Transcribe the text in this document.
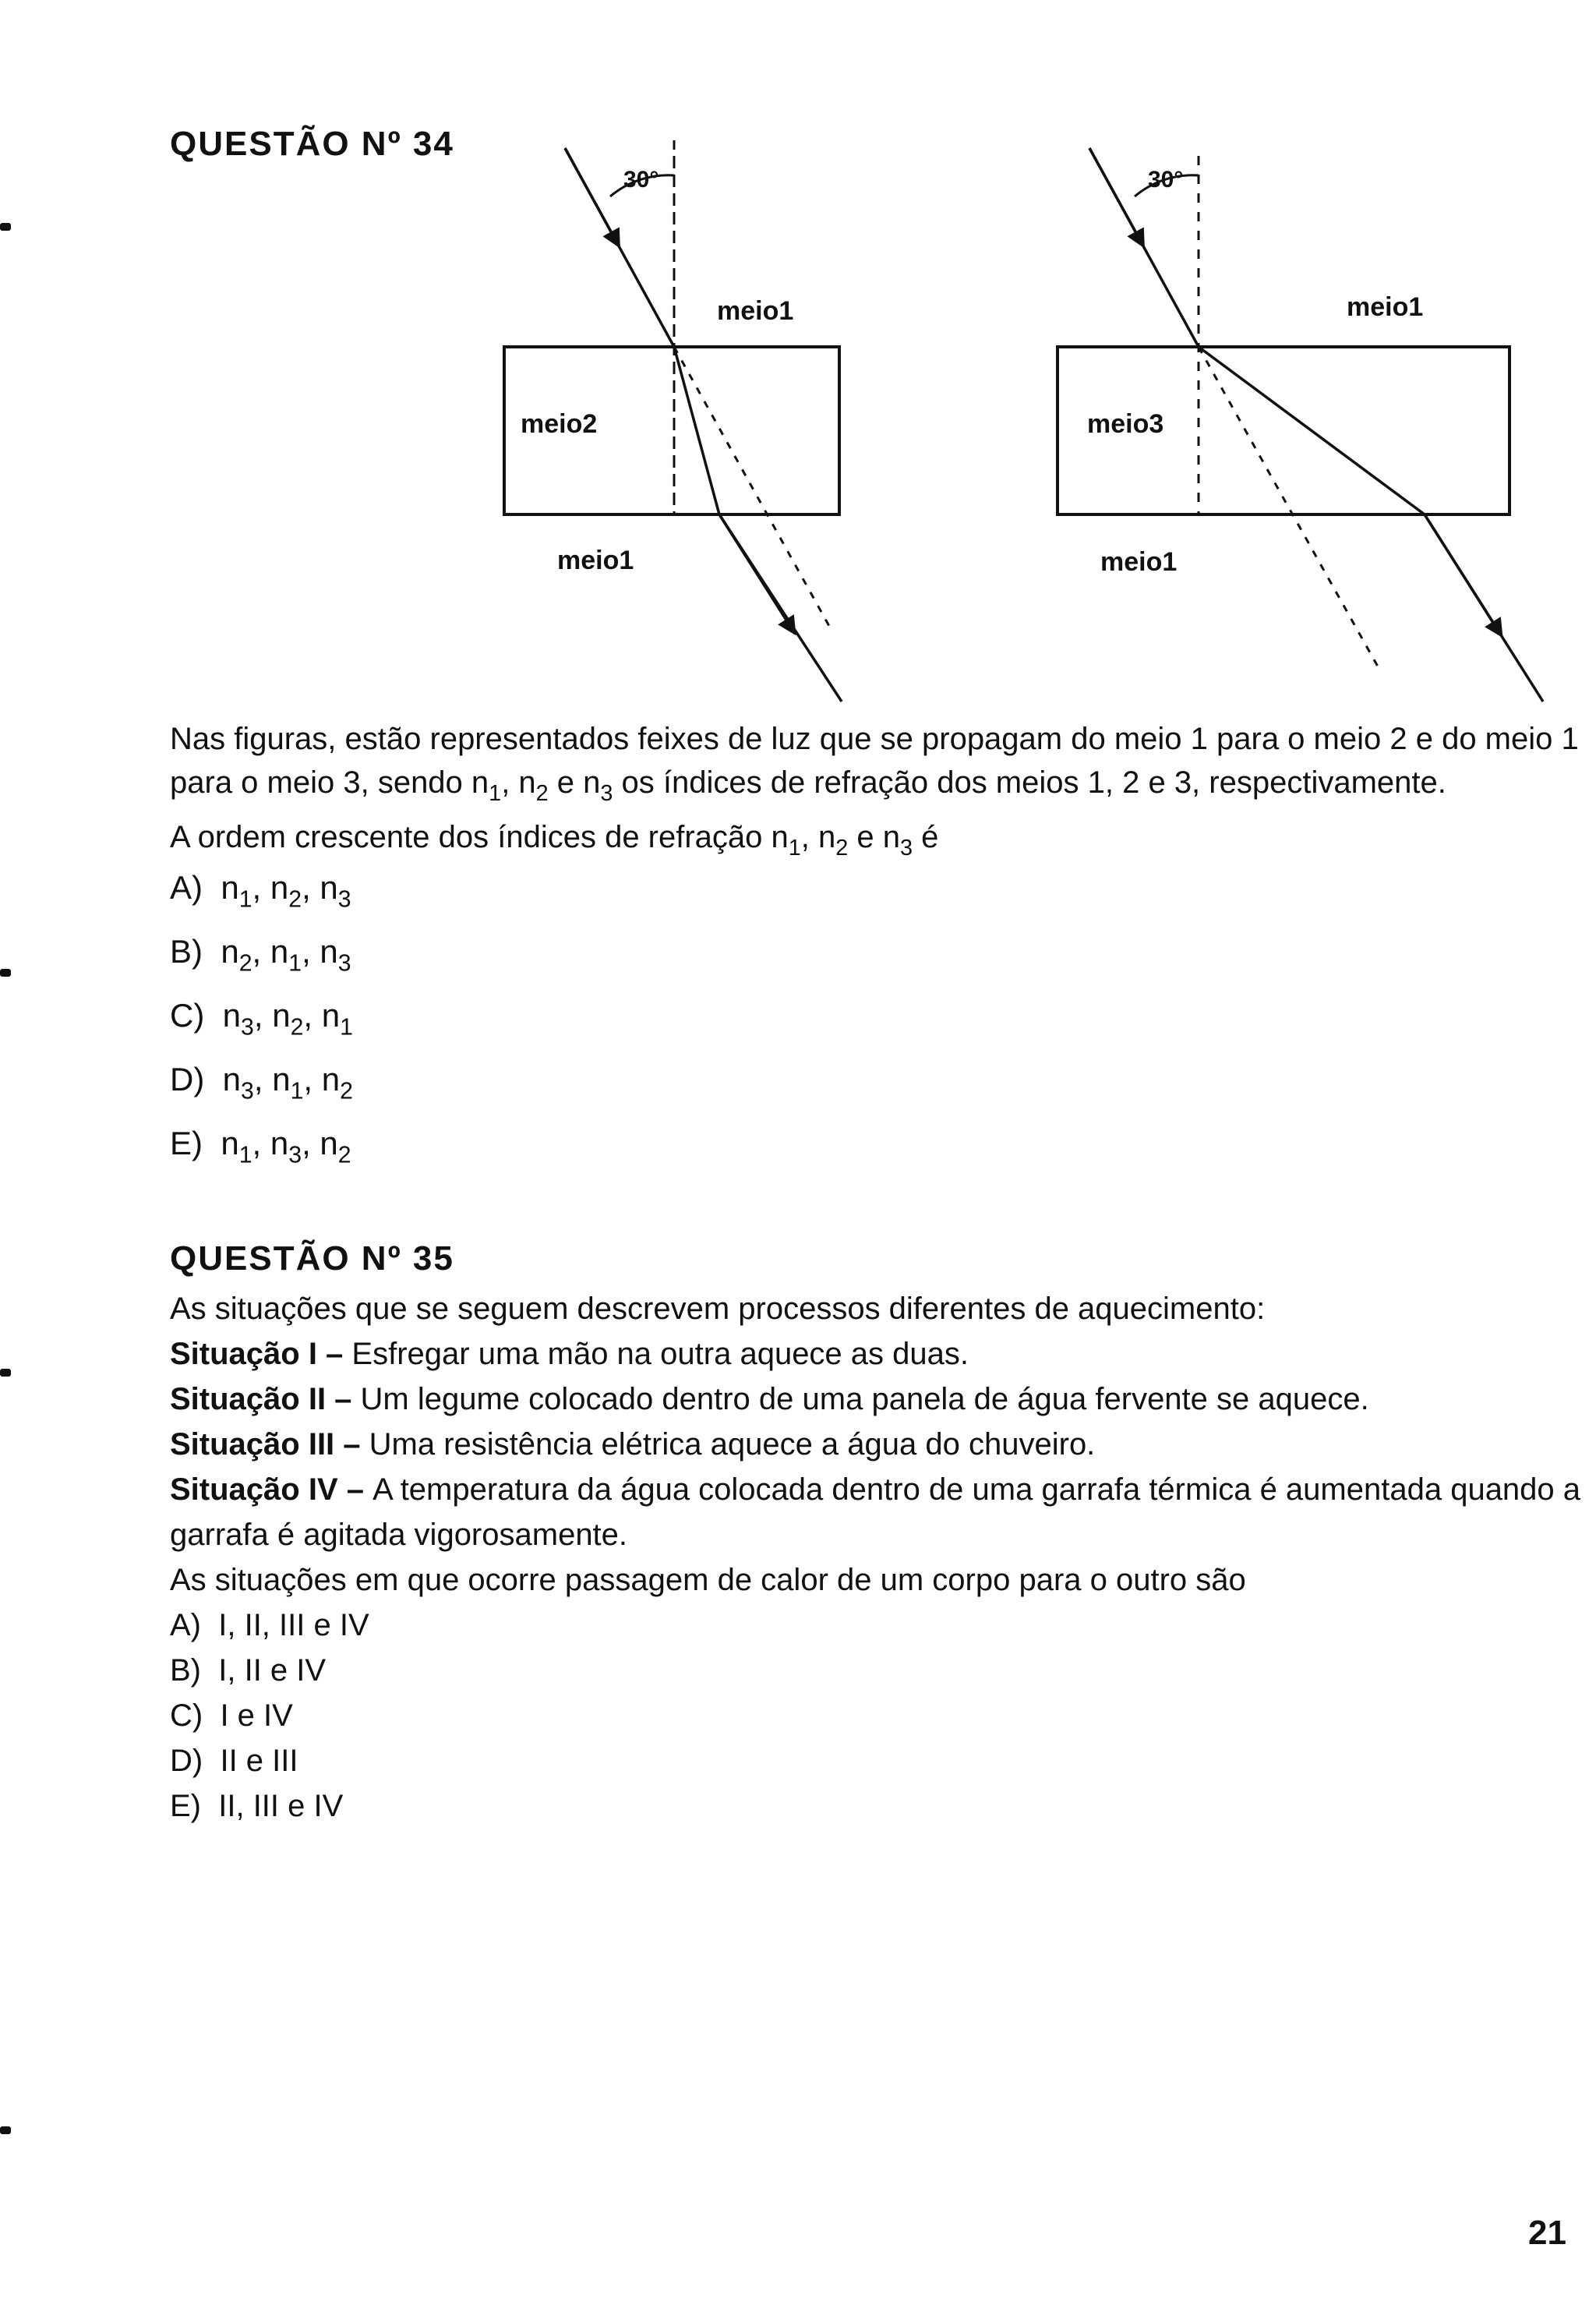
QUESTÃO Nº 34
30°
meio1
meio2
meio1
30°
meio1
meio3
meio1
Nas figuras, estão representados feixes de luz que se propagam do meio 1 para o meio 2 e do meio 1
para o meio 3, sendo $n_1$, $n_2$ e $n_3$ os índices de refração dos meios 1, 2 e 3, respectivamente.
A ordem crescente dos índices de refração $n_1$, $n_2$ e $n_3$ é
A)  $n_1$, $n_2$, $n_3$
B)  $n_2$, $n_1$, $n_3$
C)  $n_3$, $n_2$, $n_1$
D)  $n_3$, $n_1$, $n_2$
E)  $n_1$, $n_3$, $n_2$
QUESTÃO Nº 35
As situações que se seguem descrevem processos diferentes de aquecimento:
Situação I – Esfregar uma mão na outra aquece as duas.
Situação II – Um legume colocado dentro de uma panela de água fervente se aquece.
Situação III – Uma resistência elétrica aquece a água do chuveiro.
Situação IV – A temperatura da água colocada dentro de uma garrafa térmica é aumentada quando a
garrafa é agitada vigorosamente.
As situações em que ocorre passagem de calor de um corpo para o outro são
A) I, II, III e IV
B) I, II e IV
C) I e IV
D) II e III
E) II, III e IV
21
